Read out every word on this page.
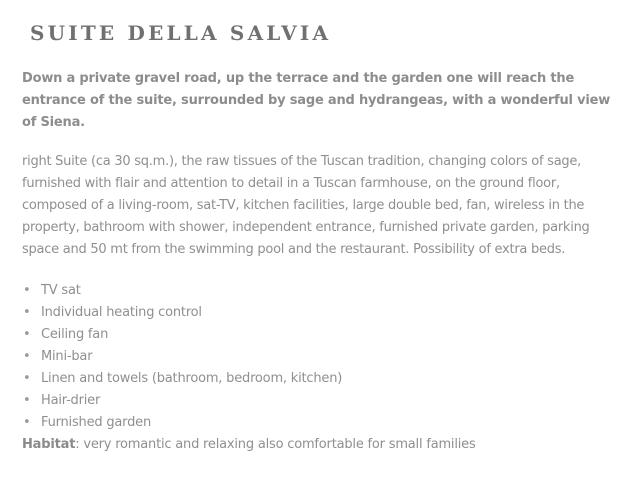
SUITE DELLA SALVIA

Down a private gravel road, up the terrace and the garden one will reach the entrance of the suite, surrounded by sage and hydrangeas, with a wonderful view of Siena.

right Suite (ca 30 sq.m.), the raw tissues of the Tuscan tradition, changing colors of sage, furnished with flair and attention to detail in a Tuscan farmhouse, on the ground floor, composed of a living-room, sat-TV, kitchen facilities, large double bed, fan, wireless in the property, bathroom with shower, independent entrance, furnished private garden, parking space and 50 mt from the swimming pool and the restaurant. Possibility of extra beds.

• TV sat
• Individual heating control
• Ceiling fan
• Mini-bar
• Linen and towels (bathroom, bedroom, kitchen)
• Hair-drier
• Furnished garden

Habitat: very romantic and relaxing also comfortable for small families
